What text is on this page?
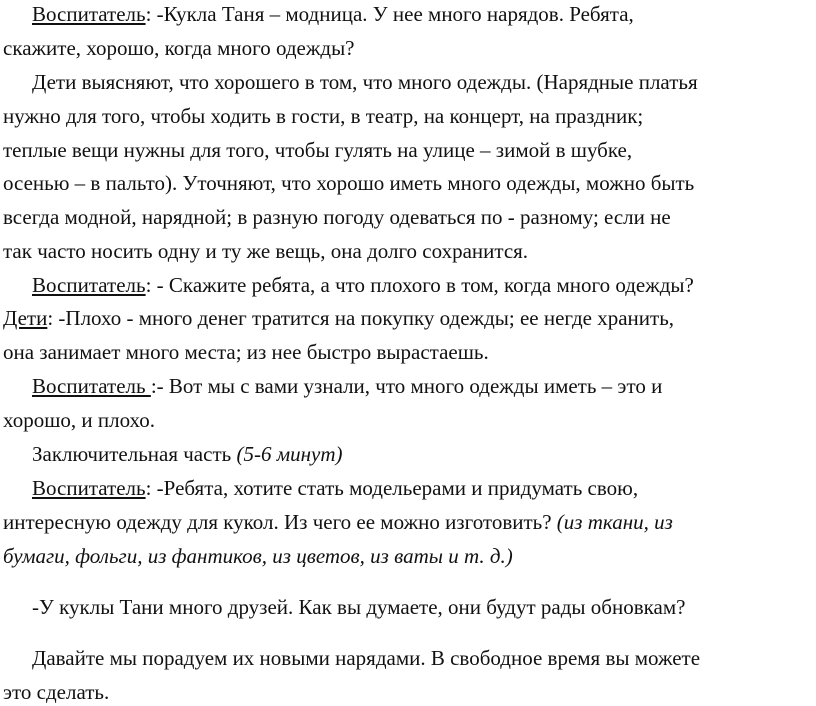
Воспитатель: -Кукла Таня – модница. У нее много нарядов. Ребята,
скажите, хорошо, когда много одежды?
Дети выясняют, что хорошего в том, что много одежды. (Нарядные платья
нужно для того, чтобы ходить в гости, в театр, на концерт, на праздник;
теплые вещи нужны для того, чтобы гулять на улице – зимой в шубке,
осенью – в пальто). Уточняют, что хорошо иметь много одежды, можно быть
всегда модной, нарядной; в разную погоду одеваться по - разному; если не
так часто носить одну и ту же вещь, она долго сохранится.
Воспитатель: - Скажите ребята, а что плохого в том, когда много одежды?
Дети: -Плохо - много денег тратится на покупку одежды; ее негде хранить,
она занимает много места; из нее быстро вырастаешь.
Воспитатель :- Вот мы с вами узнали, что много одежды иметь – это и
хорошо, и плохо.
Заключительная часть (5-6 минут)
Воспитатель: -Ребята, хотите стать модельерами и придумать свою,
интересную одежду для кукол. Из чего ее можно изготовить? (из ткани, из
бумаги, фольги, из фантиков, из цветов, из ваты и т. д.)
-У куклы Тани много друзей. Как вы думаете, они будут рады обновкам?
Давайте мы порадуем их новыми нарядами. В свободное время вы можете
это сделать.
